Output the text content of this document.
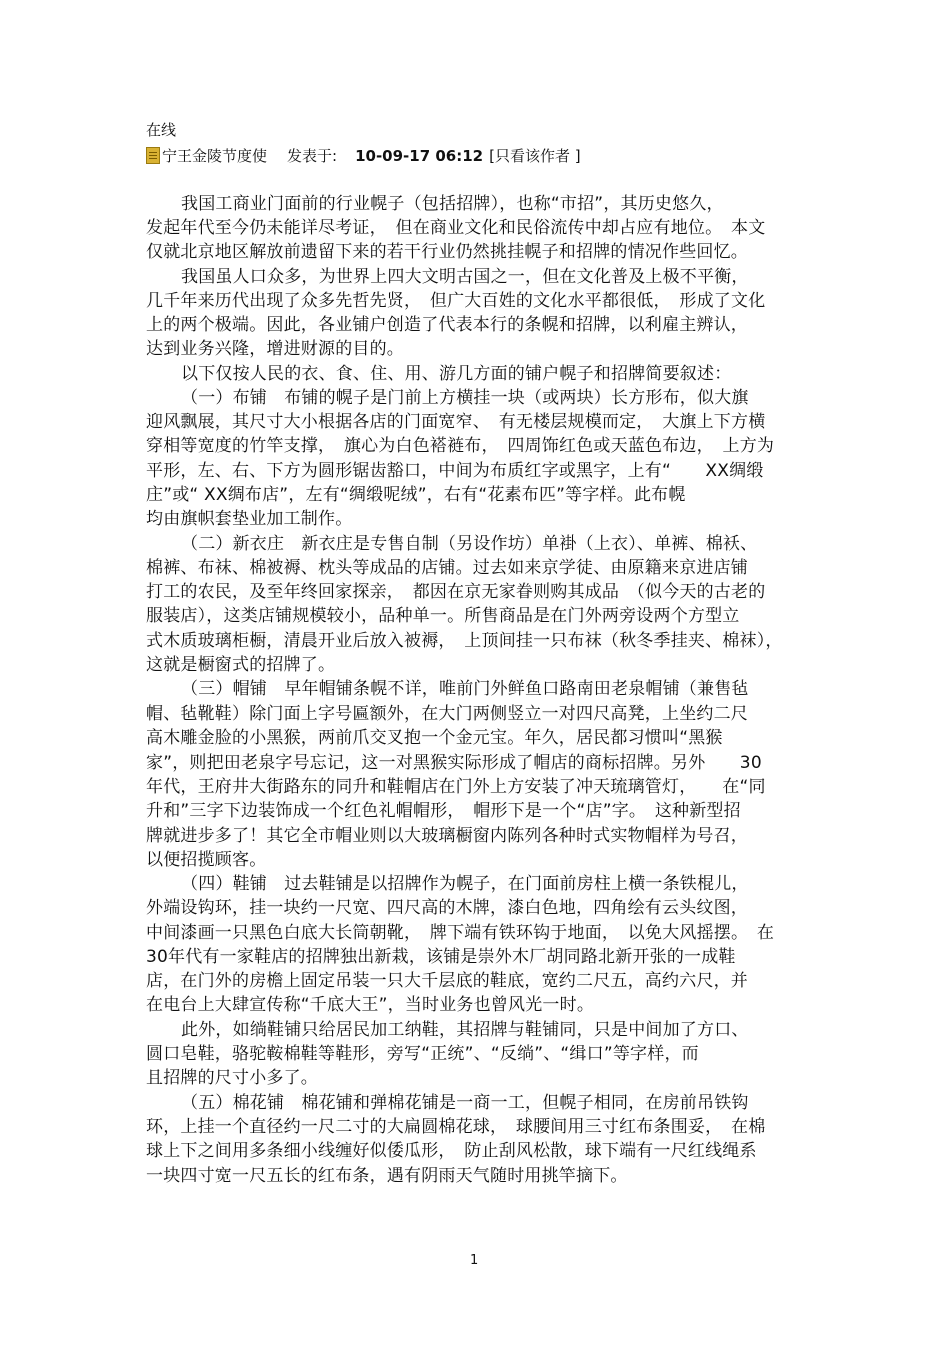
在线
宁王金陵节度使 发表于: 10-09-17 06:12 [只看该作者 ]
我国工商业门面前的行业幌子（包括招牌），也称“市招”，其历史悠久，
发起年代至今仍未能详尽考证，　但在商业文化和民俗流传中却占应有地位。　本文
仅就北京地区解放前遗留下来的若干行业仍然挑挂幌子和招牌的情况作些回忆。
我国虽人口众多，为世界上四大文明古国之一，但在文化普及上极不平衡，
几千年来历代出现了众多先哲先贤，　但广大百姓的文化水平都很低，　形成了文化
上的两个极端。因此，各业铺户创造了代表本行的条幌和招牌，以利雇主辨认，
达到业务兴隆，增进财源的目的。
以下仅按人民的衣、食、住、用、游几方面的铺户幌子和招牌简要叙述：
（一）布铺　布铺的幌子是门前上方横挂一块（或两块）长方形布，似大旗
迎风飘展，其尺寸大小根据各店的门面宽窄、　有无楼层规模而定，　大旗上下方横
穿相等宽度的竹竿支撑，　旗心为白色褡裢布，　四周饰红色或天蓝色布边，　上方为
平形，左、右、下方为圆形锯齿豁口，中间为布质红字或黑字，上有“　　XX绸缎
庄”或“ XX绸布店”，左有“绸缎呢绒”，右有“花素布匹”等字样。此布幌
均由旗帜套垫业加工制作。
（二）新衣庄　新衣庄是专售自制（另设作坊）单褂（上衣）、单裤、棉袄、
棉裤、布袜、棉被褥、枕头等成品的店铺。过去如来京学徒、由原籍来京进店铺
打工的农民，及至年终回家探亲，　都因在京无家眷则购其成品　（似今天的古老的
服装店），这类店铺规模较小，品种单一。所售商品是在门外两旁设两个方型立
式木质玻璃柜橱，清晨开业后放入被褥，　上顶间挂一只布袜（秋冬季挂夹、棉袜），
这就是橱窗式的招牌了。
（三）帽铺　早年帽铺条幌不详，唯前门外鲜鱼口路南田老泉帽铺（兼售毡
帽、毡靴鞋）除门面上字号匾额外，在大门两侧竖立一对四尺高凳，上坐约二尺
高木雕金脸的小黑猴，两前爪交叉抱一个金元宝。年久，居民都习惯叫“黑猴
家”，则把田老泉字号忘记，这一对黑猴实际形成了帽店的商标招牌。另外　　30
年代，王府井大街路东的同升和鞋帽店在门外上方安装了冲天琉璃管灯，　　在“同
升和”三字下边装饰成一个红色礼帽帽形，　帽形下是一个“店”字。　这种新型招
牌就进步多了！其它全市帽业则以大玻璃橱窗内陈列各种时式实物帽样为号召，
以便招揽顾客。
（四）鞋铺　过去鞋铺是以招牌作为幌子，在门面前房柱上横一条铁棍儿，
外端设钩环，挂一块约一尺宽、四尺高的木牌，漆白色地，四角绘有云头纹图，
中间漆画一只黑色白底大长筒朝靴，　牌下端有铁环钩于地面，　以免大风摇摆。　在
30年代有一家鞋店的招牌独出新栽，该铺是崇外木厂胡同路北新开张的一成鞋
店，在门外的房檐上固定吊装一只大千层底的鞋底，宽约二尺五，高约六尺，并
在电台上大肆宣传称“千底大王”，当时业务也曾风光一时。
此外，如绱鞋铺只给居民加工纳鞋，其招牌与鞋铺同，只是中间加了方口、
圆口皂鞋，骆驼鞍棉鞋等鞋形，旁写“正统”、“反绱”、“缉口”等字样，而
且招牌的尺寸小多了。
（五）棉花铺　棉花铺和弹棉花铺是一商一工，但幌子相同，在房前吊铁钩
环，上挂一个直径约一尺二寸的大扁圆棉花球，　球腰间用三寸红布条围妥，　在棉
球上下之间用多条细小线缠好似倭瓜形，　防止刮风松散，球下端有一尺红线绳系
一块四寸宽一尺五长的红布条，遇有阴雨天气随时用挑竿摘下。
1
